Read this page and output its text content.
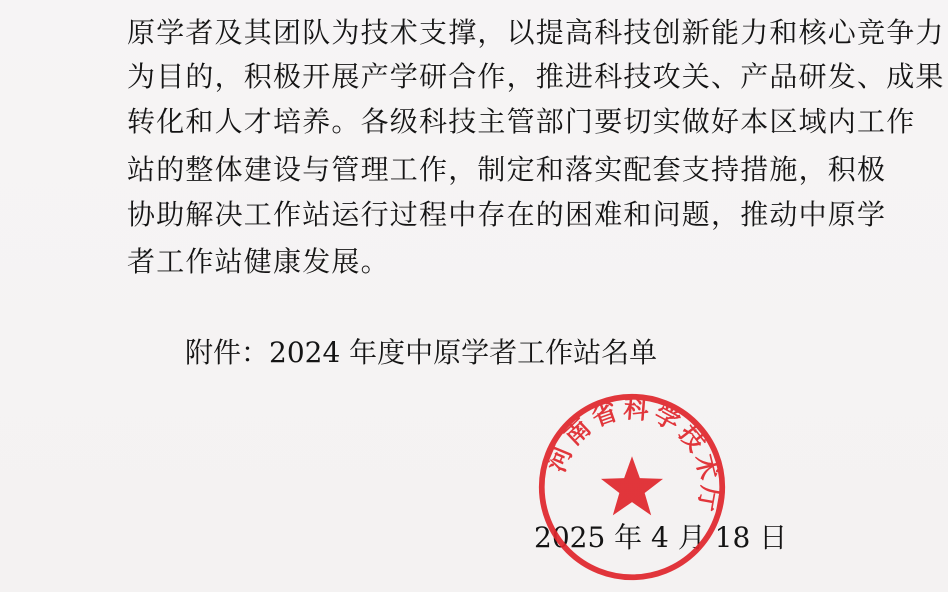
原学者及其团队为技术支撑，以提高科技创新能力和核心竞争力
为目的，积极开展产学研合作，推进科技攻关、产品研发、成果
转化和人才培养。各级科技主管部门要切实做好本区域内工作
站的整体建设与管理工作，制定和落实配套支持措施，积极
协助解决工作站运行过程中存在的困难和问题，推动中原学
者工作站健康发展。
附件：2024 年度中原学者工作站名单
2025 年 4 月 18 日
河南省科学技术厅
